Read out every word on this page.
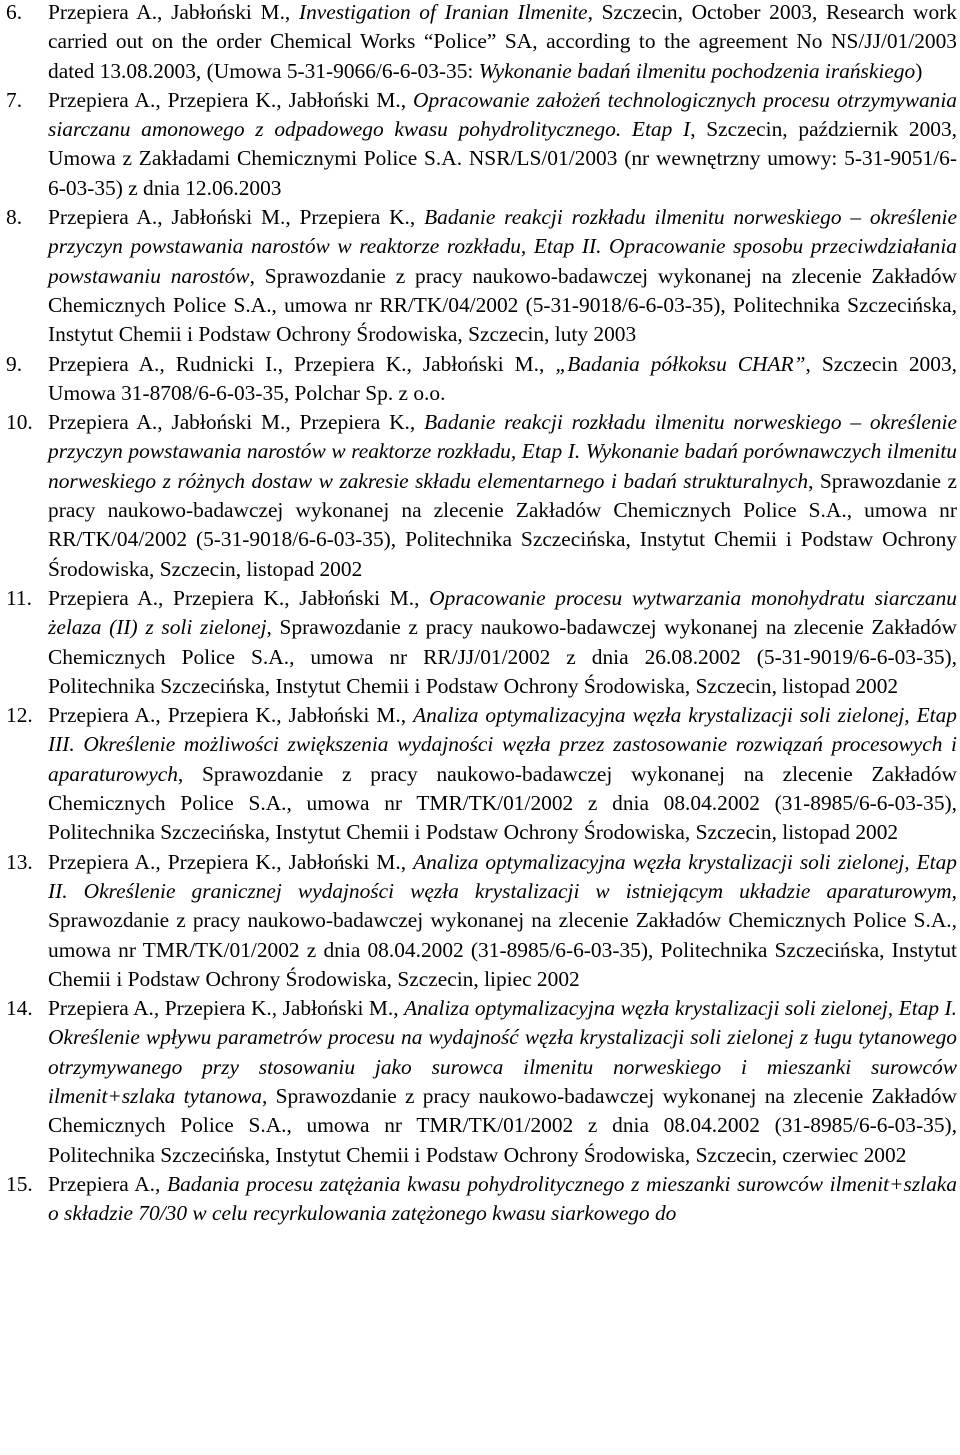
6. Przepiera A., Jabłoński M., Investigation of Iranian Ilmenite, Szczecin, October 2003, Research work carried out on the order Chemical Works “Police” SA, according to the agreement No NS/JJ/01/2003 dated 13.08.2003, (Umowa 5-31-9066/6-6-03-35: Wykonanie badań ilmenitu pochodzenia irańskiego)
7. Przepiera A., Przepiera K., Jabłoński M., Opracowanie założeń technologicznych procesu otrzymywania siarczanu amonowego z odpadowego kwasu pohydrolitycznego. Etap I, Szczecin, październik 2003, Umowa z Zakładami Chemicznymi Police S.A. NSR/LS/01/2003 (nr wewnętrzny umowy: 5-31-9051/6-6-03-35) z dnia 12.06.2003
8. Przepiera A., Jabłoński M., Przepiera K., Badanie reakcji rozkładu ilmenitu norweskiego – określenie przyczyn powstawania narostów w reaktorze rozkładu, Etap II. Opracowanie sposobu przeciwdziałania powstawaniu narostów, Sprawozdanie z pracy naukowo-badawczej wykonanej na zlecenie Zakładów Chemicznych Police S.A., umowa nr RR/TK/04/2002 (5-31-9018/6-6-03-35), Politechnika Szczecińska, Instytut Chemii i Podstaw Ochrony Środowiska, Szczecin, luty 2003
9. Przepiera A., Rudnicki I., Przepiera K., Jabłoński M., „Badania półkoksu CHAR”, Szczecin 2003, Umowa 31-8708/6-6-03-35, Polchar Sp. z o.o.
10. Przepiera A., Jabłoński M., Przepiera K., Badanie reakcji rozkładu ilmenitu norweskiego – określenie przyczyn powstawania narostów w reaktorze rozkładu, Etap I. Wykonanie badań porównawczych ilmenitu norweskiego z różnych dostaw w zakresie składu elementarnego i badań strukturalnych, Sprawozdanie z pracy naukowo-badawczej wykonanej na zlecenie Zakładów Chemicznych Police S.A., umowa nr RR/TK/04/2002 (5-31-9018/6-6-03-35), Politechnika Szczecińska, Instytut Chemii i Podstaw Ochrony Środowiska, Szczecin, listopad 2002
11. Przepiera A., Przepiera K., Jabłoński M., Opracowanie procesu wytwarzania monohydratu siarczanu żelaza (II) z soli zielonej, Sprawozdanie z pracy naukowo-badawczej wykonanej na zlecenie Zakładów Chemicznych Police S.A., umowa nr RR/JJ/01/2002 z dnia 26.08.2002 (5-31-9019/6-6-03-35), Politechnika Szczecińska, Instytut Chemii i Podstaw Ochrony Środowiska, Szczecin, listopad 2002
12. Przepiera A., Przepiera K., Jabłoński M., Analiza optymalizacyjna węzła krystalizacji soli zielonej, Etap III. Określenie możliwości zwiększenia wydajności węzła przez zastosowanie rozwiązań procesowych i aparaturowych, Sprawozdanie z pracy naukowo-badawczej wykonanej na zlecenie Zakładów Chemicznych Police S.A., umowa nr TMR/TK/01/2002 z dnia 08.04.2002 (31-8985/6-6-03-35), Politechnika Szczecińska, Instytut Chemii i Podstaw Ochrony Środowiska, Szczecin, listopad 2002
13. Przepiera A., Przepiera K., Jabłoński M., Analiza optymalizacyjna węzła krystalizacji soli zielonej, Etap II. Określenie granicznej wydajności węzła krystalizacji w istniejącym układzie aparaturowym, Sprawozdanie z pracy naukowo-badawczej wykonanej na zlecenie Zakładów Chemicznych Police S.A., umowa nr TMR/TK/01/2002 z dnia 08.04.2002 (31-8985/6-6-03-35), Politechnika Szczecińska, Instytut Chemii i Podstaw Ochrony Środowiska, Szczecin, lipiec 2002
14. Przepiera A., Przepiera K., Jabłoński M., Analiza optymalizacyjna węzła krystalizacji soli zielonej, Etap I. Określenie wpływu parametrów procesu na wydajność węzła krystalizacji soli zielonej z ługu tytanowego otrzymywanego przy stosowaniu jako surowca ilmenitu norweskiego i mieszanki surowców ilmenit+szlaka tytanowa, Sprawozdanie z pracy naukowo-badawczej wykonanej na zlecenie Zakładów Chemicznych Police S.A., umowa nr TMR/TK/01/2002 z dnia 08.04.2002 (31-8985/6-6-03-35), Politechnika Szczecińska, Instytut Chemii i Podstaw Ochrony Środowiska, Szczecin, czerwiec 2002
15. Przepiera A., Badania procesu zatężania kwasu pohydrolitycznego z mieszanki surowców ilmenit+szlaka o składzie 70/30 w celu recyrkulowania zatężonego kwasu siarkowego do
